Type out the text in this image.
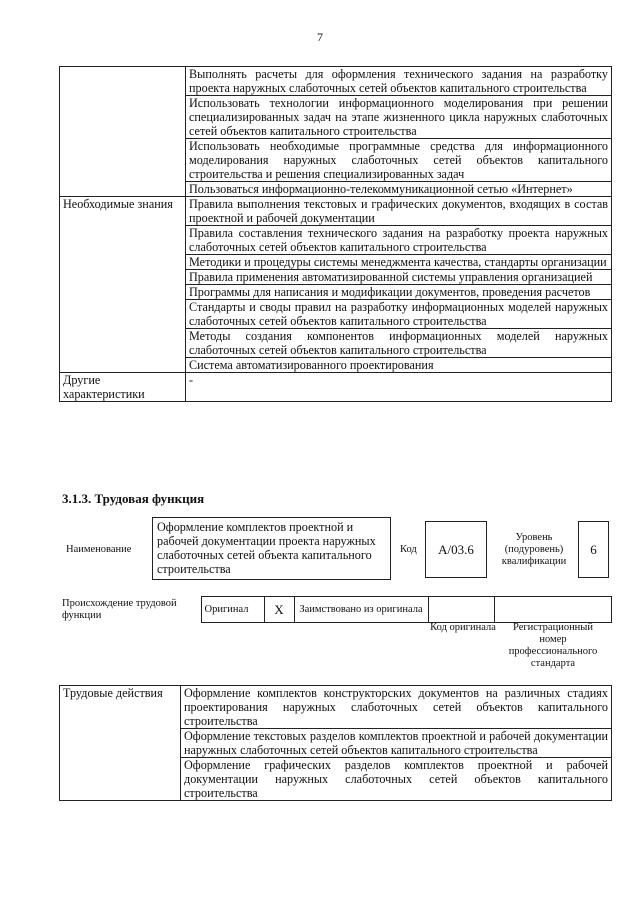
7
	Выполнять расчеты для оформления технического задания на разработку проекта наружных слаботочных сетей объектов капитального строительства
	Использовать технологии информационного моделирования при решении специализированных задач на этапе жизненного цикла наружных слаботочных сетей объектов капитального строительства
	Использовать необходимые программные средства для информационного моделирования наружных слаботочных сетей объектов капитального строительства и решения специализированных задач
	Пользоваться информационно-телекоммуникационной сетью «Интернет»
Необходимые знания	Правила выполнения текстовых и графических документов, входящих в состав проектной и рабочей документации
	Правила составления технического задания на разработку проекта наружных слаботочных сетей объектов капитального строительства
	Методики и процедуры системы менеджмента качества, стандарты организации
	Правила применения автоматизированной системы управления организацией
	Программы для написания и модификации документов, проведения расчетов
	Стандарты и своды правил на разработку информационных моделей наружных слаботочных сетей объектов капитального строительства
	Методы создания компонентов информационных моделей наружных слаботочных сетей объектов капитального строительства
	Система автоматизированного проектирования
Другие характеристики	-
3.1.3. Трудовая функция
Наименование
Оформление комплектов проектной и рабочей документации проекта наружных слаботочных сетей объекта капитального строительства
Код A/03.6
Уровень (подуровень) квалификации
6
Происхождение трудовой функции	Оригинал	X	Заимствовано из оригинала		
Код оригинала	Регистрационный номер профессионального стандарта
Трудовые действия	Оформление комплектов конструкторских документов на различных стадиях проектирования наружных слаботочных сетей объектов капитального строительства
Оформление текстовых разделов комплектов проектной и рабочей документации наружных слаботочных сетей объектов капитального строительства
Оформление графических разделов комплектов проектной и рабочей документации наружных слаботочных сетей объектов капитального строительства
